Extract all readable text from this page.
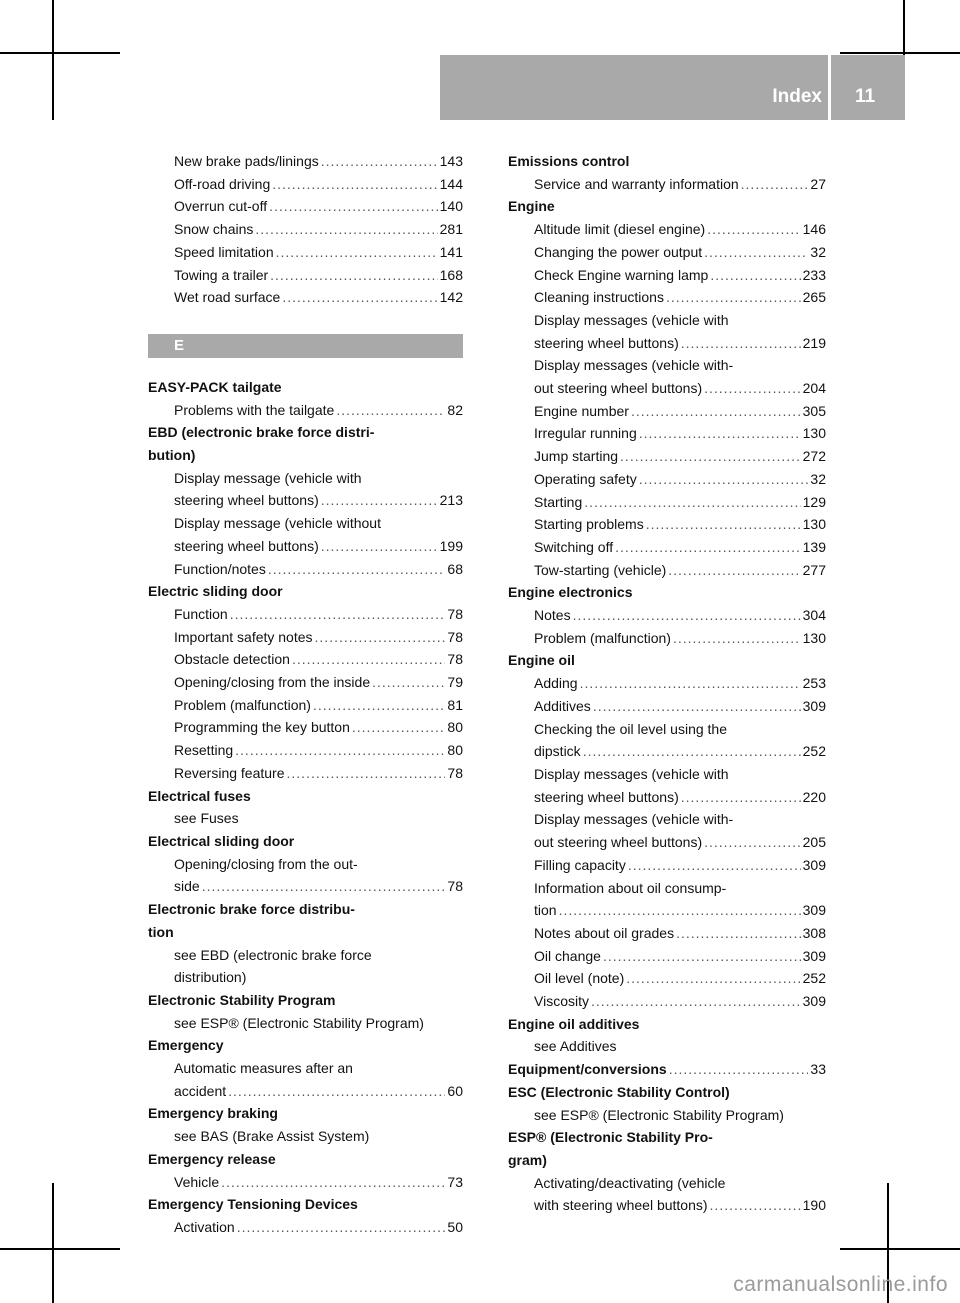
Index	11
New brake pads/linings .....	143
Off-road driving .....	144
Overrun cut-off .....	140
Snow chains .....	281
Speed limitation .....	141
Towing a trailer .....	168
Wet road surface .....	142
E
EASY-PACK tailgate
Problems with the tailgate .....	82
EBD (electronic brake force distri-
bution)
Display message (vehicle with
steering wheel buttons) .....	213
Display message (vehicle without
steering wheel buttons) .....	199
Function/notes .....	68
Electric sliding door
Function .....	78
Important safety notes .....	78
Obstacle detection .....	78
Opening/closing from the inside .....	79
Problem (malfunction) .....	81
Programming the key button .....	80
Resetting .....	80
Reversing feature .....	78
Electrical fuses
see Fuses
Electrical sliding door
Opening/closing from the out-
side .....	78
Electronic brake force distribu-
tion
see EBD (electronic brake force
distribution)
Electronic Stability Program
see ESP® (Electronic Stability Program)
Emergency
Automatic measures after an
accident .....	60
Emergency braking
see BAS (Brake Assist System)
Emergency release
Vehicle .....	73
Emergency Tensioning Devices
Activation .....	50
Emissions control
Service and warranty information .....	27
Engine
Altitude limit (diesel engine) .....	146
Changing the power output .....	32
Check Engine warning lamp .....	233
Cleaning instructions .....	265
Display messages (vehicle with
steering wheel buttons) .....	219
Display messages (vehicle with-
out steering wheel buttons) .....	204
Engine number .....	305
Irregular running .....	130
Jump starting .....	272
Operating safety .....	32
Starting .....	129
Starting problems .....	130
Switching off .....	139
Tow-starting (vehicle) .....	277
Engine electronics
Notes .....	304
Problem (malfunction) .....	130
Engine oil
Adding .....	253
Additives .....	309
Checking the oil level using the
dipstick .....	252
Display messages (vehicle with
steering wheel buttons) .....	220
Display messages (vehicle with-
out steering wheel buttons) .....	205
Filling capacity .....	309
Information about oil consump-
tion .....	309
Notes about oil grades .....	308
Oil change .....	309
Oil level (note) .....	252
Viscosity .....	309
Engine oil additives
see Additives
Equipment/conversions .....	33
ESC (Electronic Stability Control)
see ESP® (Electronic Stability Program)
ESP® (Electronic Stability Pro-
gram)
Activating/deactivating (vehicle
with steering wheel buttons) .....	190
carmanualsonline.info
